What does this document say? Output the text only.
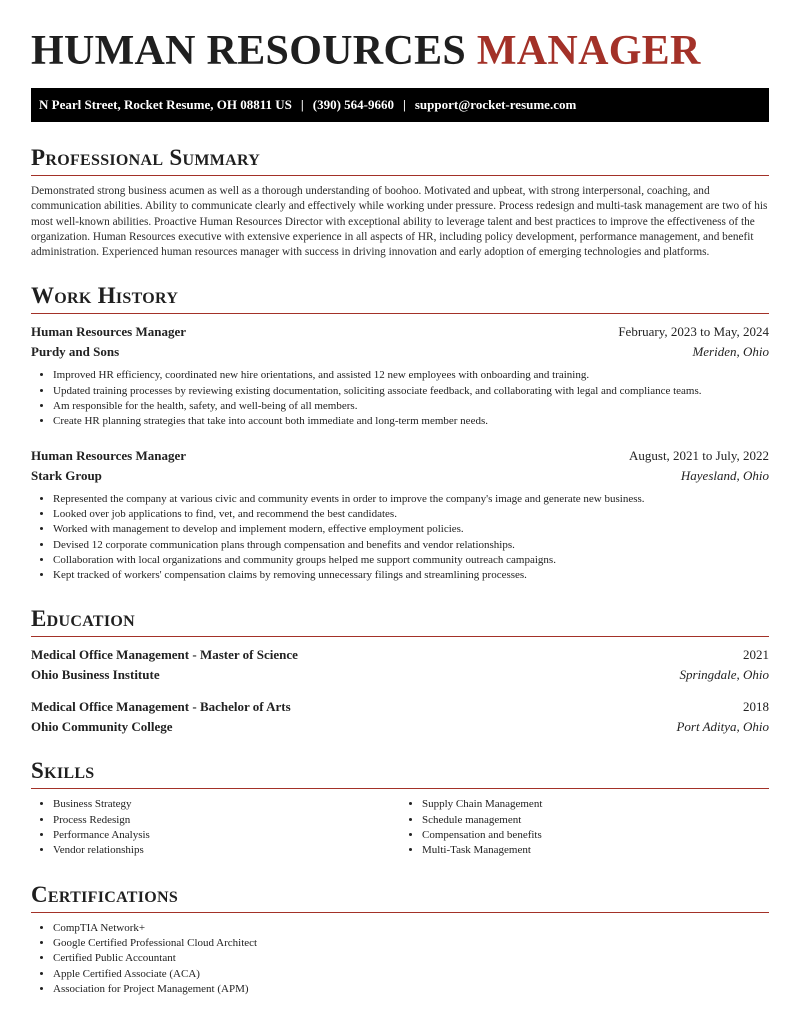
HUMAN RESOURCES MANAGER
N Pearl Street, Rocket Resume, OH 08811 US | (390) 564-9660 | support@rocket-resume.com
Professional Summary

Demonstrated strong business acumen as well as a thorough understanding of boohoo. Motivated and upbeat, with strong interpersonal, coaching, and communication abilities. Ability to communicate clearly and effectively while working under pressure. Process redesign and multi-task management are two of his most well-known abilities. Proactive Human Resources Director with exceptional ability to leverage talent and best practices to improve the effectiveness of the organization. Human Resources executive with extensive experience in all aspects of HR, including policy development, performance management, and benefit administration. Experienced human resources manager with success in driving innovation and early adoption of emerging technologies and platforms.

Work History
Human Resources Manager	February, 2023 to May, 2024
Purdy and Sons	Meriden, Ohio
• Improved HR efficiency, coordinated new hire orientations, and assisted 12 new employees with onboarding and training.
• Updated training processes by reviewing existing documentation, soliciting associate feedback, and collaborating with legal and compliance teams.
• Am responsible for the health, safety, and well-being of all members.
• Create HR planning strategies that take into account both immediate and long-term member needs.
Human Resources Manager	August, 2021 to July, 2022
Stark Group	Hayesland, Ohio
• Represented the company at various civic and community events in order to improve the company's image and generate new business.
• Looked over job applications to find, vet, and recommend the best candidates.
• Worked with management to develop and implement modern, effective employment policies.
• Devised 12 corporate communication plans through compensation and benefits and vendor relationships.
• Collaboration with local organizations and community groups helped me support community outreach campaigns.
• Kept tracked of workers' compensation claims by removing unnecessary filings and streamlining processes.
Education
Medical Office Management - Master of Science	2021
Ohio Business Institute	Springdale, Ohio
Medical Office Management - Bachelor of Arts	2018
Ohio Community College	Port Aditya, Ohio
Skills
• Business Strategy
• Process Redesign
• Performance Analysis
• Vendor relationships
• Supply Chain Management
• Schedule management
• Compensation and benefits
• Multi-Task Management
Certifications
• CompTIA Network+
• Google Certified Professional Cloud Architect
• Certified Public Accountant
• Apple Certified Associate (ACA)
• Association for Project Management (APM)
